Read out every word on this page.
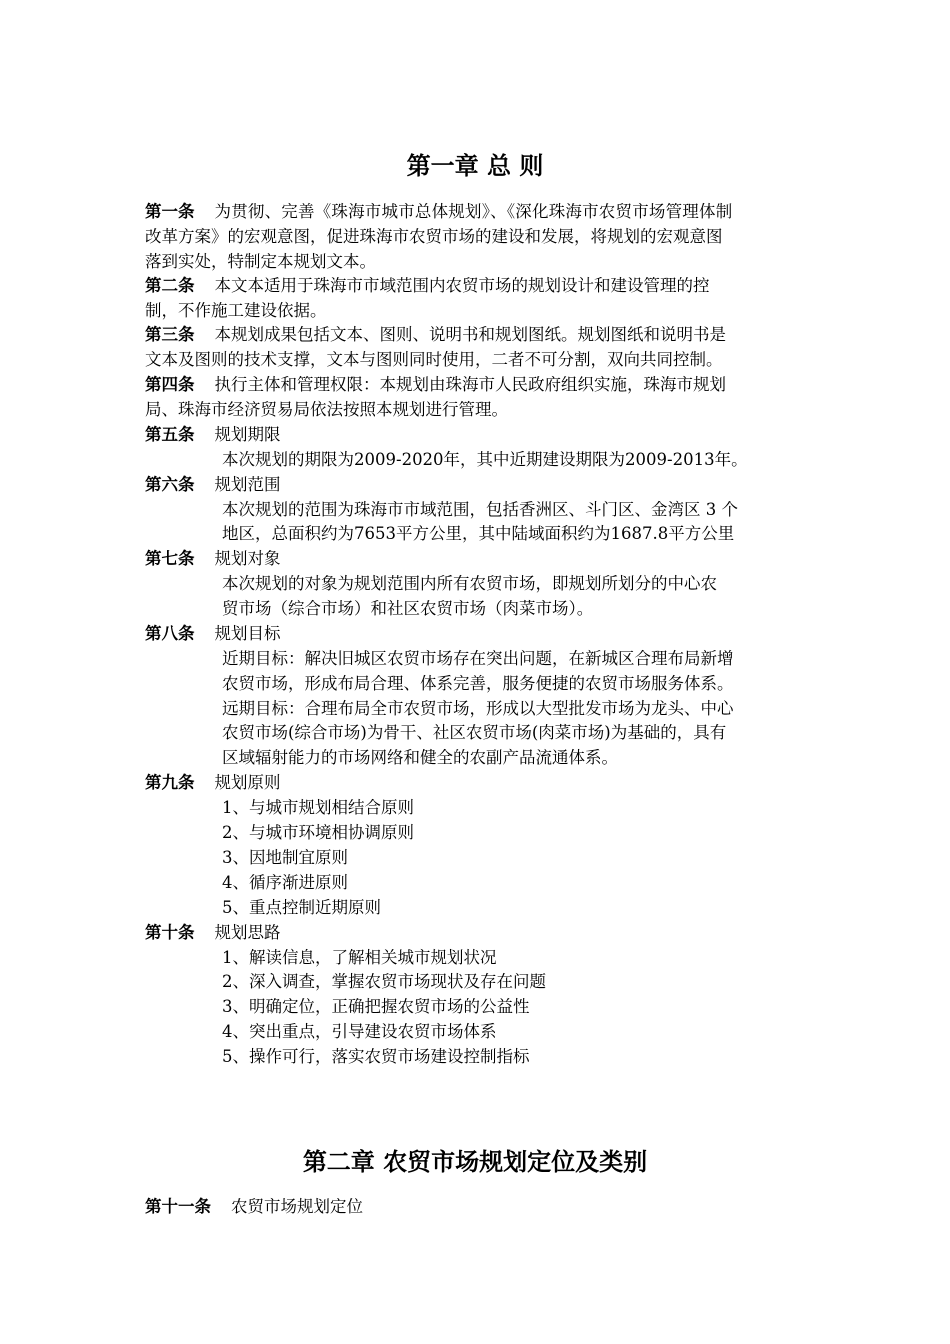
第一章 总 则
第一条 为贯彻、完善《珠海市城市总体规划》、《深化珠海市农贸市场管理体制
改革方案》的宏观意图，促进珠海市农贸市场的建设和发展，将规划的宏观意图
落到实处，特制定本规划文本。
第二条 本文本适用于珠海市市域范围内农贸市场的规划设计和建设管理的控
制，不作施工建设依据。
第三条 本规划成果包括文本、图则、说明书和规划图纸。规划图纸和说明书是
文本及图则的技术支撑，文本与图则同时使用，二者不可分割，双向共同控制。
第四条 执行主体和管理权限：本规划由珠海市人民政府组织实施，珠海市规划
局、珠海市经济贸易局依法按照本规划进行管理。
第五条 规划期限
本次规划的期限为2009-2020年，其中近期建设期限为2009-2013年。
第六条 规划范围
本次规划的范围为珠海市市域范围，包括香洲区、斗门区、金湾区 3 个
地区，总面积约为7653平方公里，其中陆域面积约为1687.8平方公里
第七条 规划对象
本次规划的对象为规划范围内所有农贸市场，即规划所划分的中心农
贸市场（综合市场）和社区农贸市场（肉菜市场）。
第八条 规划目标
近期目标：解决旧城区农贸市场存在突出问题，在新城区合理布局新增
农贸市场，形成布局合理、体系完善，服务便捷的农贸市场服务体系。
远期目标：合理布局全市农贸市场，形成以大型批发市场为龙头、中心
农贸市场(综合市场)为骨干、社区农贸市场(肉菜市场)为基础的，具有
区域辐射能力的市场网络和健全的农副产品流通体系。
第九条 规划原则
1、与城市规划相结合原则
2、与城市环境相协调原则
3、因地制宜原则
4、循序渐进原则
5、重点控制近期原则
第十条 规划思路
1、解读信息，了解相关城市规划状况
2、深入调查，掌握农贸市场现状及存在问题
3、明确定位，正确把握农贸市场的公益性
4、突出重点，引导建设农贸市场体系
5、操作可行，落实农贸市场建设控制指标
第二章 农贸市场规划定位及类别
第十一条 农贸市场规划定位
